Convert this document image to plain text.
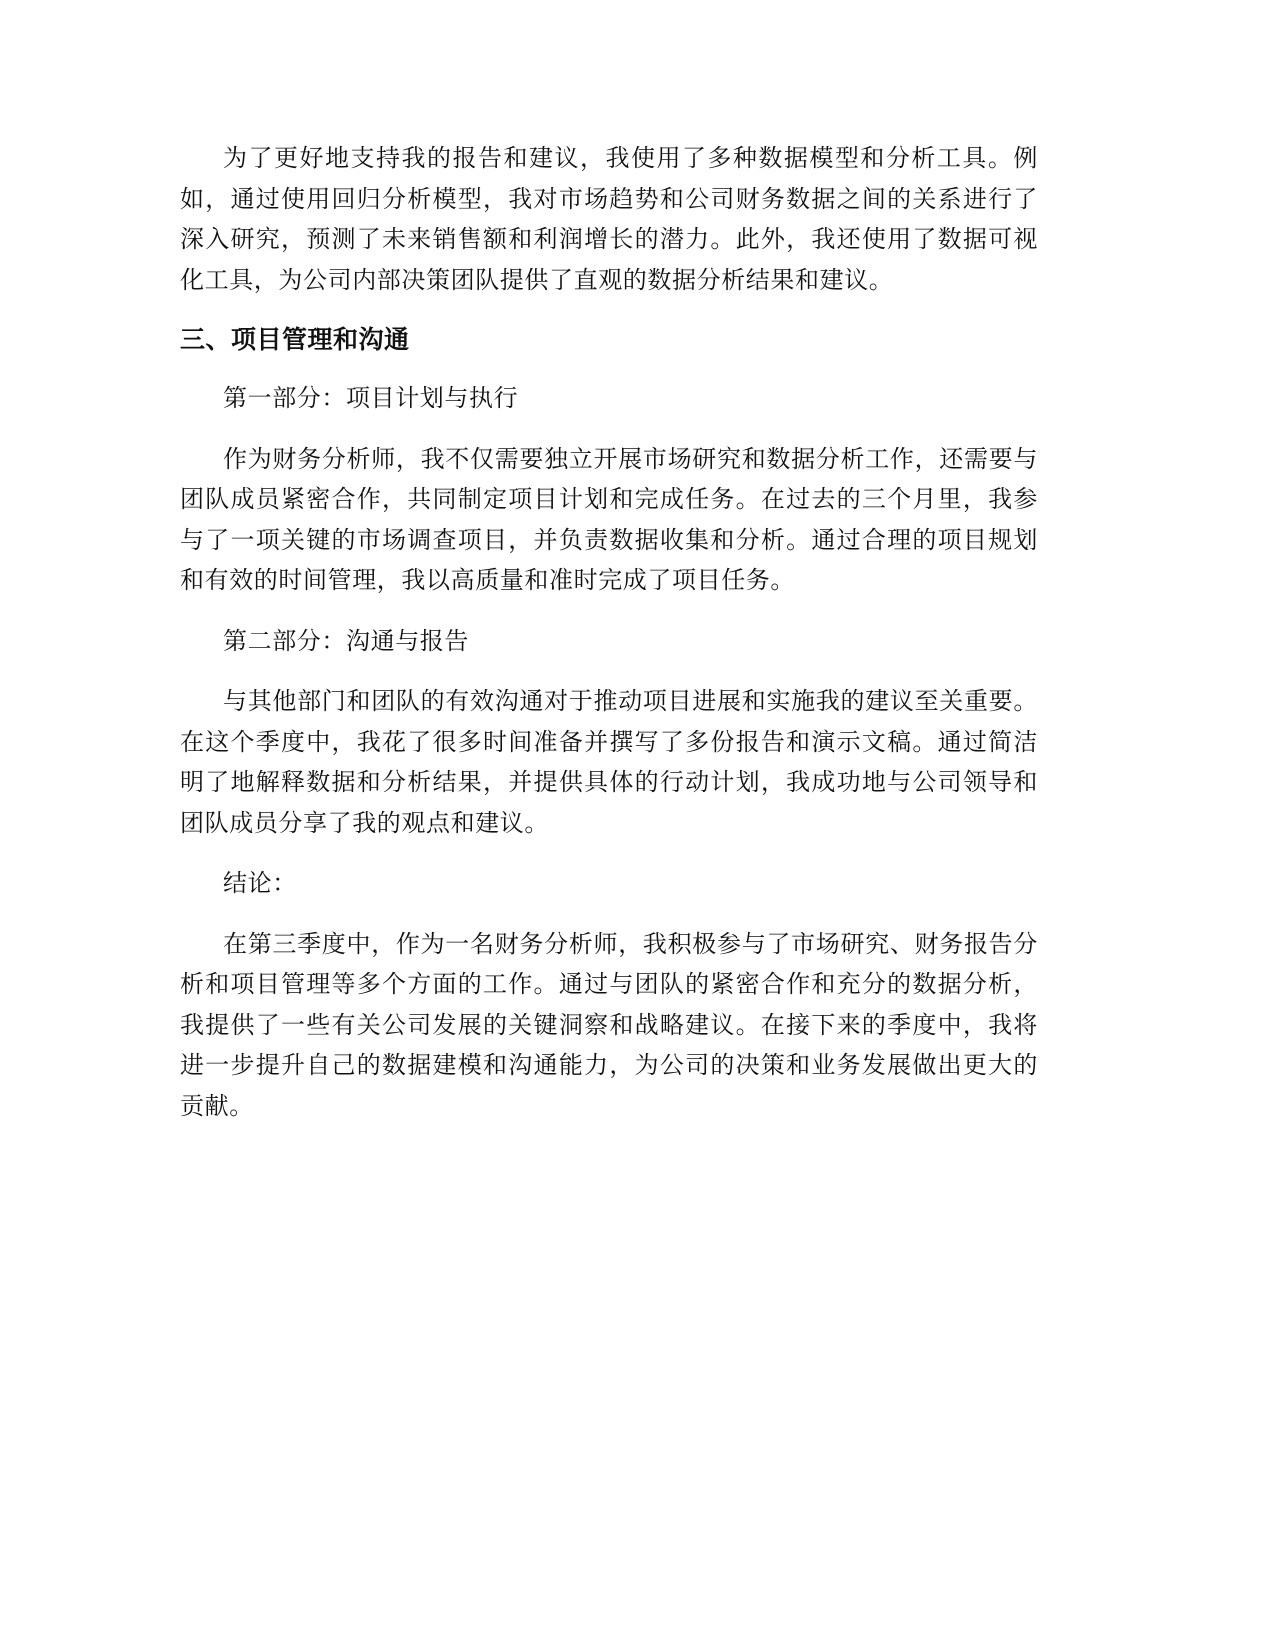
为了更好地支持我的报告和建议，我使用了多种数据模型和分析工具。例如，通过使用回归分析模型，我对市场趋势和公司财务数据之间的关系进行了深入研究，预测了未来销售额和利润增长的潜力。此外，我还使用了数据可视化工具，为公司内部决策团队提供了直观的数据分析结果和建议。

三、项目管理和沟通

第一部分：项目计划与执行

作为财务分析师，我不仅需要独立开展市场研究和数据分析工作，还需要与团队成员紧密合作，共同制定项目计划和完成任务。在过去的三个月里，我参与了一项关键的市场调查项目，并负责数据收集和分析。通过合理的项目规划和有效的时间管理，我以高质量和准时完成了项目任务。

第二部分：沟通与报告

与其他部门和团队的有效沟通对于推动项目进展和实施我的建议至关重要。在这个季度中，我花了很多时间准备并撰写了多份报告和演示文稿。通过简洁明了地解释数据和分析结果，并提供具体的行动计划，我成功地与公司领导和团队成员分享了我的观点和建议。

结论：

在第三季度中，作为一名财务分析师，我积极参与了市场研究、财务报告分析和项目管理等多个方面的工作。通过与团队的紧密合作和充分的数据分析，我提供了一些有关公司发展的关键洞察和战略建议。在接下来的季度中，我将进一步提升自己的数据建模和沟通能力，为公司的决策和业务发展做出更大的贡献。
